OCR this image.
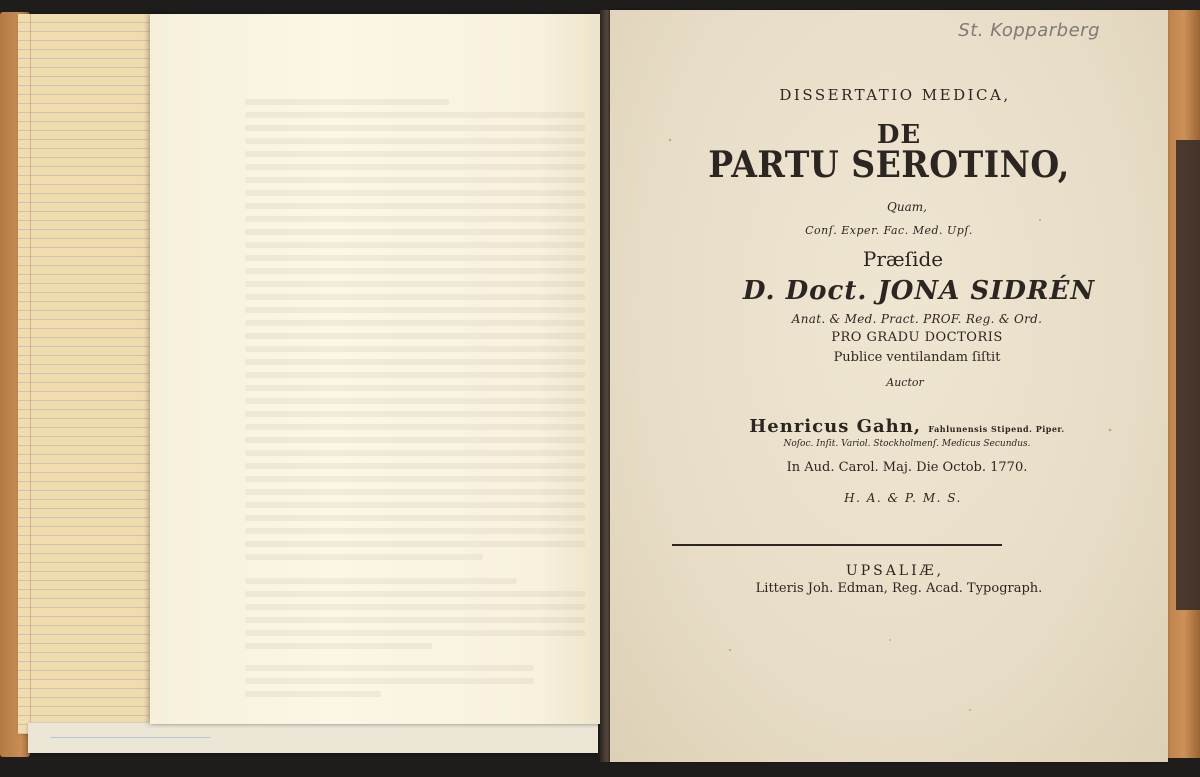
St. Kopparberg
DISSERTATIO MEDICA,
DE
PARTU SEROTINO,
Quam,
Conſ. Exper. Fac. Med. Upſ.
Præſide
D. Doct. JONA SIDRÉN
Anat. & Med. Pract. PROF. Reg. & Ord.
PRO GRADU DOCTORIS
Publice ventilandam ſiſtit
Auctor
Henricus Gahn, Fahlunensis Stipend. Piper.
Noſoc. Inſit. Variol. Stockholmenſ. Medicus Secundus.
In Aud. Carol. Maj. Die Octob. 1770.
H. A. & P. M. S.
UPSALIÆ,
Litteris Joh. Edman, Reg. Acad. Typograph.
